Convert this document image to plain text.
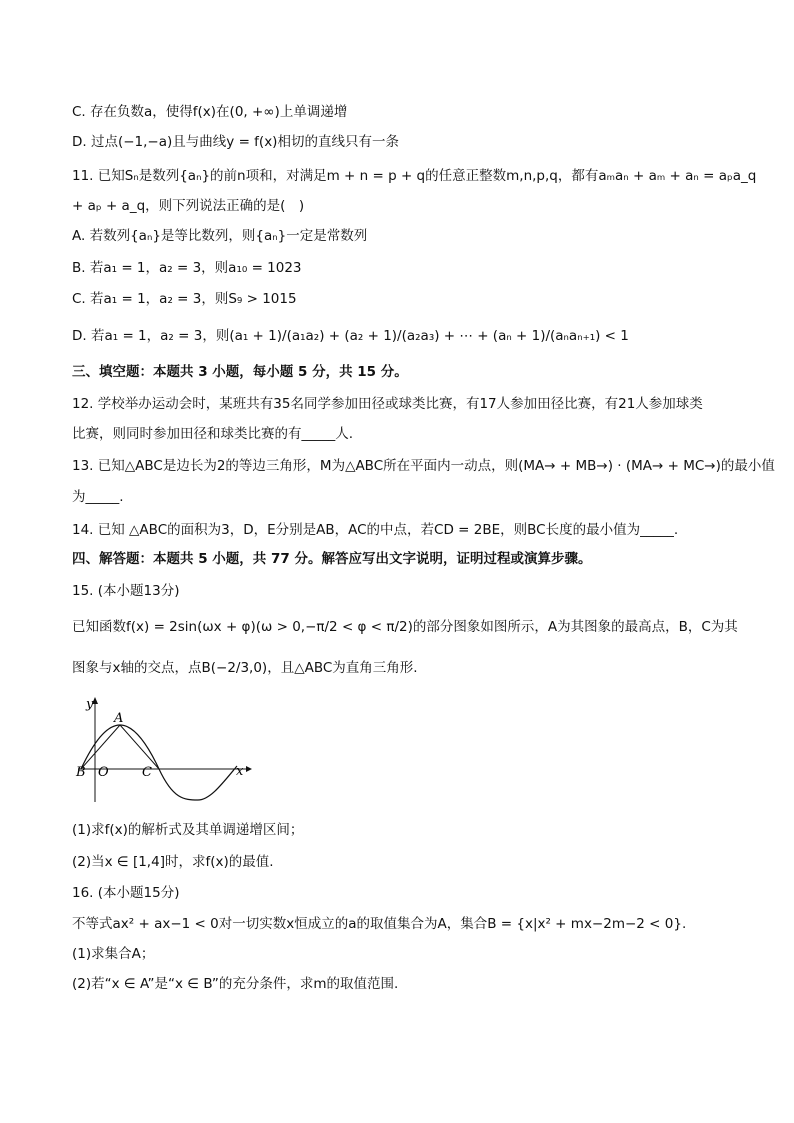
C. 存在负数a，使得f(x)在(0, +∞)上单调递增
D. 过点(−1,−a)且与曲线y = f(x)相切的直线只有一条
11. 已知Sₙ是数列{aₙ}的前n项和，对满足m + n = p + q的任意正整数m,n,p,q，都有aₘaₙ + aₘ + aₙ = aₚa_q
+ aₚ + a_q，则下列说法正确的是(　)
A. 若数列{aₙ}是等比数列，则{aₙ}一定是常数列
B. 若a₁ = 1，a₂ = 3，则a₁₀ = 1023
C. 若a₁ = 1，a₂ = 3，则S₉ > 1015
D. 若a₁ = 1，a₂ = 3，则(a₁ + 1)/(a₁a₂) + (a₂ + 1)/(a₂a₃) + ⋯ + (aₙ + 1)/(aₙaₙ₊₁) < 1
三、填空题：本题共 3 小题，每小题 5 分，共 15 分。
12. 学校举办运动会时，某班共有35名同学参加田径或球类比赛，有17人参加田径比赛，有21人参加球类
比赛，则同时参加田径和球类比赛的有_____人.
13. 已知△ABC是边长为2的等边三角形，M为△ABC所在平面内一动点，则(MA→ + MB→) · (MA→ + MC→)的最小值
为_____.
14. 已知 △ABC的面积为3，D，E分别是AB，AC的中点，若CD = 2BE，则BC长度的最小值为_____.
四、解答题：本题共 5 小题，共 77 分。解答应写出文字说明，证明过程或演算步骤。
15. (本小题13分)
已知函数f(x) = 2sin(ωx + φ)(ω > 0,−π/2 < φ < π/2)的部分图象如图所示，A为其图象的最高点，B，C为其
图象与x轴的交点，点B(−2/3,0)，且△ABC为直角三角形.
y
x
A
B O	C
(1)求f(x)的解析式及其单调递增区间；
(2)当x ∈ [1,4]时，求f(x)的最值.
16. (本小题15分)
不等式ax² + ax−1 < 0对一切实数x恒成立的a的取值集合为A，集合B = {x|x² + mx−2m−2 < 0}.
(1)求集合A；
(2)若“x ∈ A”是“x ∈ B”的充分条件，求m的取值范围.
